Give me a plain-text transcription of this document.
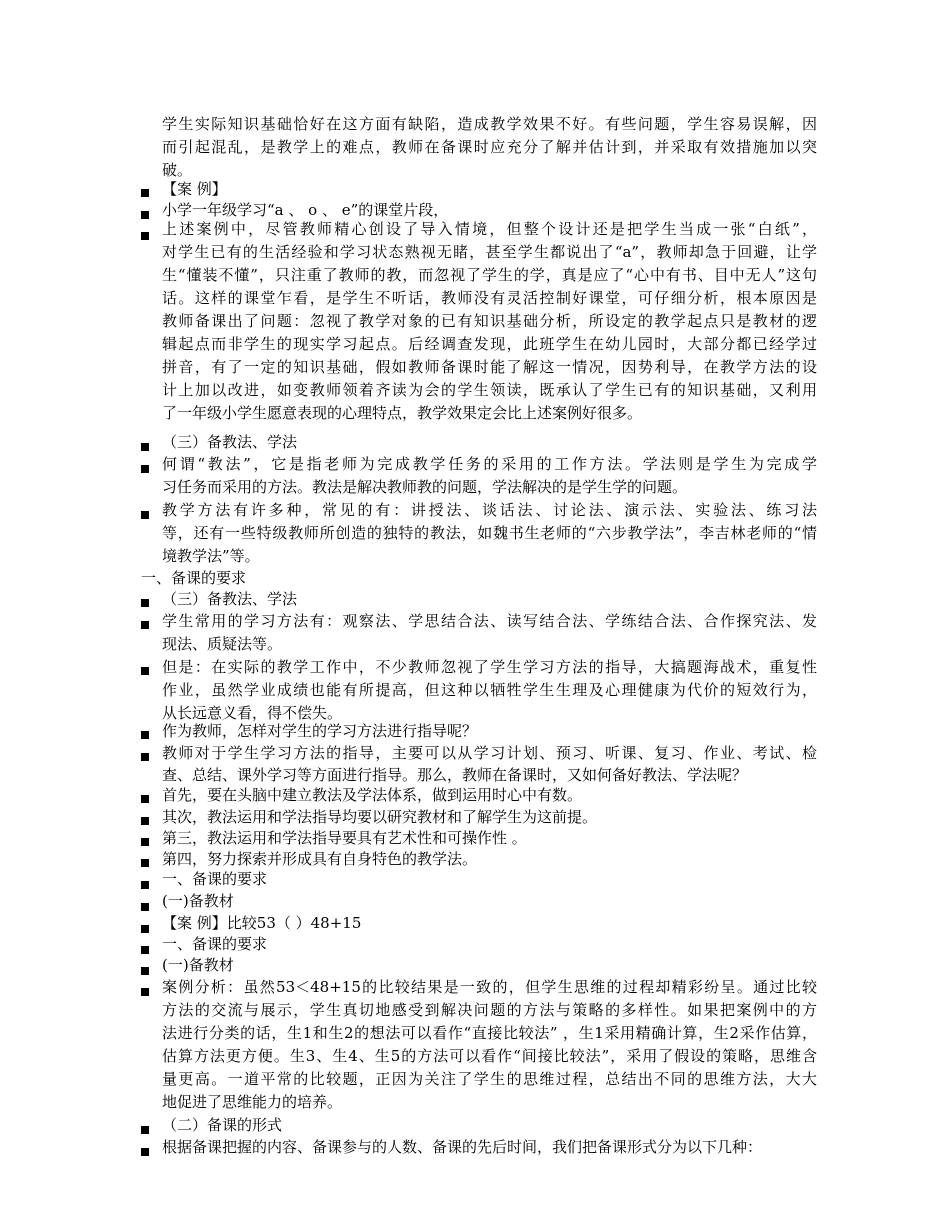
学生实际知识基础恰好在这方面有缺陷，造成教学效果不好。有些问题，学生容易误解，因
而引起混乱，是教学上的难点，教师在备课时应充分了解并估计到，并采取有效措施加以突
破。
【案 例】
小学一年级学习“a 、 o 、 e”的课堂片段，
上述案例中，尽管教师精心创设了导入情境，但整个设计还是把学生当成一张“白纸”，
对学生已有的生活经验和学习状态熟视无睹，甚至学生都说出了“a”，教师却急于回避，让学
生“懂装不懂”，只注重了教师的教，而忽视了学生的学，真是应了“心中有书、目中无人”这句
话。这样的课堂乍看，是学生不听话，教师没有灵活控制好课堂，可仔细分析，根本原因是
教师备课出了问题：忽视了教学对象的已有知识基础分析，所设定的教学起点只是教材的逻
辑起点而非学生的现实学习起点。后经调查发现，此班学生在幼儿园时，大部分都已经学过
拼音，有了一定的知识基础，假如教师备课时能了解这一情况，因势利导，在教学方法的设
计上加以改进，如变教师领着齐读为会的学生领读，既承认了学生已有的知识基础，又利用
了一年级小学生愿意表现的心理特点，教学效果定会比上述案例好很多。
（三）备教法、学法
何谓“教法”，它是指老师为完成教学任务的采用的工作方法。学法则是学生为完成学
习任务而采用的方法。教法是解决教师教的问题，学法解决的是学生学的问题。
教学方法有许多种，常见的有：讲授法、谈话法、讨论法、演示法、实验法、练习法
等，还有一些特级教师所创造的独特的教法，如魏书生老师的“六步教学法”，李吉林老师的“情
境教学法”等。
一、备课的要求
（三）备教法、学法
学生常用的学习方法有：观察法、学思结合法、读写结合法、学练结合法、合作探究法、发
现法、质疑法等。
但是：在实际的教学工作中，不少教师忽视了学生学习方法的指导，大搞题海战术，重复性
作业，虽然学业成绩也能有所提高，但这种以牺牲学生生理及心理健康为代价的短效行为，
从长远意义看，得不偿失。
作为教师，怎样对学生的学习方法进行指导呢？
教师对于学生学习方法的指导，主要可以从学习计划、预习、听课、复习、作业、考试、检
查、总结、课外学习等方面进行指导。那么，教师在备课时，又如何备好教法、学法呢？
首先，要在头脑中建立教法及学法体系，做到运用时心中有数。
其次，教法运用和学法指导均要以研究教材和了解学生为这前提。
第三，教法运用和学法指导要具有艺术性和可操作性 。
第四，努力探索并形成具有自身特色的教学法。
一、备课的要求
(一)备教材
【案 例】比较53（ ）48+15
一、备课的要求
(一)备教材
案例分析：虽然53＜48+15的比较结果是一致的，但学生思维的过程却精彩纷呈。通过比较
方法的交流与展示，学生真切地感受到解决问题的方法与策略的多样性。如果把案例中的方
法进行分类的话，生1和生2的想法可以看作“直接比较法” ，生1采用精确计算，生2采作估算，
估算方法更方便。生3、生4、生5的方法可以看作“间接比较法”，采用了假设的策略，思维含
量更高。一道平常的比较题，正因为关注了学生的思维过程，总结出不同的思维方法，大大
地促进了思维能力的培养。
（二）备课的形式
根据备课把握的内容、备课参与的人数、备课的先后时间，我们把备课形式分为以下几种：
